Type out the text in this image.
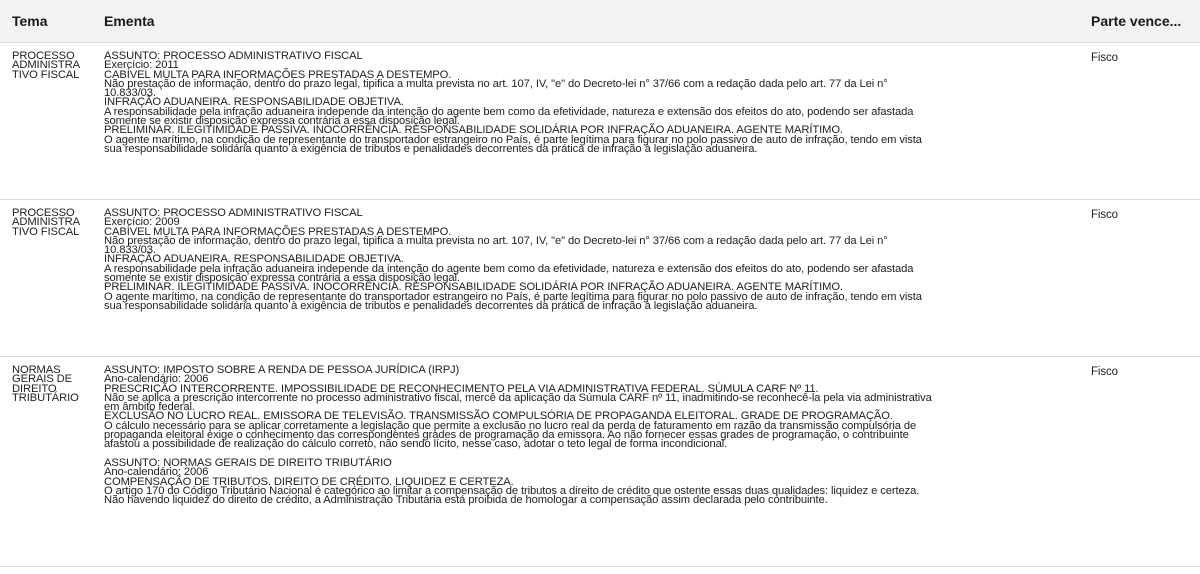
Tema	Ementa	Parte vence...
PROCESSO
ADMINISTRA
TIVO FISCAL
ASSUNTO: PROCESSO ADMINISTRATIVO FISCAL
Exercício: 2011
CABÍVEL MULTA PARA INFORMAÇÕES PRESTADAS A DESTEMPO.
Não prestação de informação, dentro do prazo legal, tipifica a multa prevista no art. 107, IV, "e" do Decreto-lei n° 37/66 com a redação dada pelo art. 77 da Lei n°
10.833/03.
INFRAÇÃO ADUANEIRA. RESPONSABILIDADE OBJETIVA.
A responsabilidade pela infração aduaneira independe da intenção do agente bem como da efetividade, natureza e extensão dos efeitos do ato, podendo ser afastada
somente se existir disposição expressa contrária a essa disposição legal.
PRELIMINAR. ILEGITIMIDADE PASSIVA. INOCORRÊNCIA. RESPONSABILIDADE SOLIDÁRIA POR INFRAÇÃO ADUANEIRA. AGENTE MARÍTIMO.
O agente marítimo, na condição de representante do transportador estrangeiro no País, é parte legítima para figurar no polo passivo de auto de infração, tendo em vista
sua responsabilidade solidária quanto à exigência de tributos e penalidades decorrentes da prática de infração à legislação aduaneira.
Fisco
PROCESSO
ADMINISTRA
TIVO FISCAL
ASSUNTO: PROCESSO ADMINISTRATIVO FISCAL
Exercício: 2009
CABÍVEL MULTA PARA INFORMAÇÕES PRESTADAS A DESTEMPO.
Não prestação de informação, dentro do prazo legal, tipifica a multa prevista no art. 107, IV, "e" do Decreto-lei n° 37/66 com a redação dada pelo art. 77 da Lei n°
10.833/03.
INFRAÇÃO ADUANEIRA. RESPONSABILIDADE OBJETIVA.
A responsabilidade pela infração aduaneira independe da intenção do agente bem como da efetividade, natureza e extensão dos efeitos do ato, podendo ser afastada
somente se existir disposição expressa contrária a essa disposição legal.
PRELIMINAR. ILEGITIMIDADE PASSIVA. INOCORRÊNCIA. RESPONSABILIDADE SOLIDÁRIA POR INFRAÇÃO ADUANEIRA. AGENTE MARÍTIMO.
O agente marítimo, na condição de representante do transportador estrangeiro no País, é parte legítima para figurar no polo passivo de auto de infração, tendo em vista
sua responsabilidade solidária quanto à exigência de tributos e penalidades decorrentes da prática de infração à legislação aduaneira.
Fisco
NORMAS
GERAIS DE
DIREITO
TRIBUTÁRIO
ASSUNTO: IMPOSTO SOBRE A RENDA DE PESSOA JURÍDICA (IRPJ)
Ano-calendário: 2006
PRESCRIÇÃO INTERCORRENTE. IMPOSSIBILIDADE DE RECONHECIMENTO PELA VIA ADMINISTRATIVA FEDERAL. SÚMULA CARF Nº 11.
Não se aplica a prescrição intercorrente no processo administrativo fiscal, mercê da aplicação da Súmula CARF nº 11, inadmitindo-se reconhecê-la pela via administrativa
em âmbito federal.
EXCLUSÃO NO LUCRO REAL. EMISSORA DE TELEVISÃO. TRANSMISSÃO COMPULSÓRIA DE PROPAGANDA ELEITORAL. GRADE DE PROGRAMAÇÃO.
O cálculo necessário para se aplicar corretamente a legislação que permite a exclusão no lucro real da perda de faturamento em razão da transmissão compulsória de
propaganda eleitoral exige o conhecimento das correspondentes grades de programação da emissora. Ao não fornecer essas grades de programação, o contribuinte
afastou a possibilidade de realização do cálculo correto, não sendo lícito, nesse caso, adotar o teto legal de forma incondicional.
ASSUNTO: NORMAS GERAIS DE DIREITO TRIBUTÁRIO
Ano-calendário: 2006
COMPENSAÇÃO DE TRIBUTOS. DIREITO DE CRÉDITO. LIQUIDEZ E CERTEZA.
O artigo 170 do Código Tributário Nacional é categórico ao limitar a compensação de tributos a direito de crédito que ostente essas duas qualidades: liquidez e certeza.
Não havendo liquidez do direito de crédito, a Administração Tributária está proibida de homologar a compensação assim declarada pelo contribuinte.
Fisco
